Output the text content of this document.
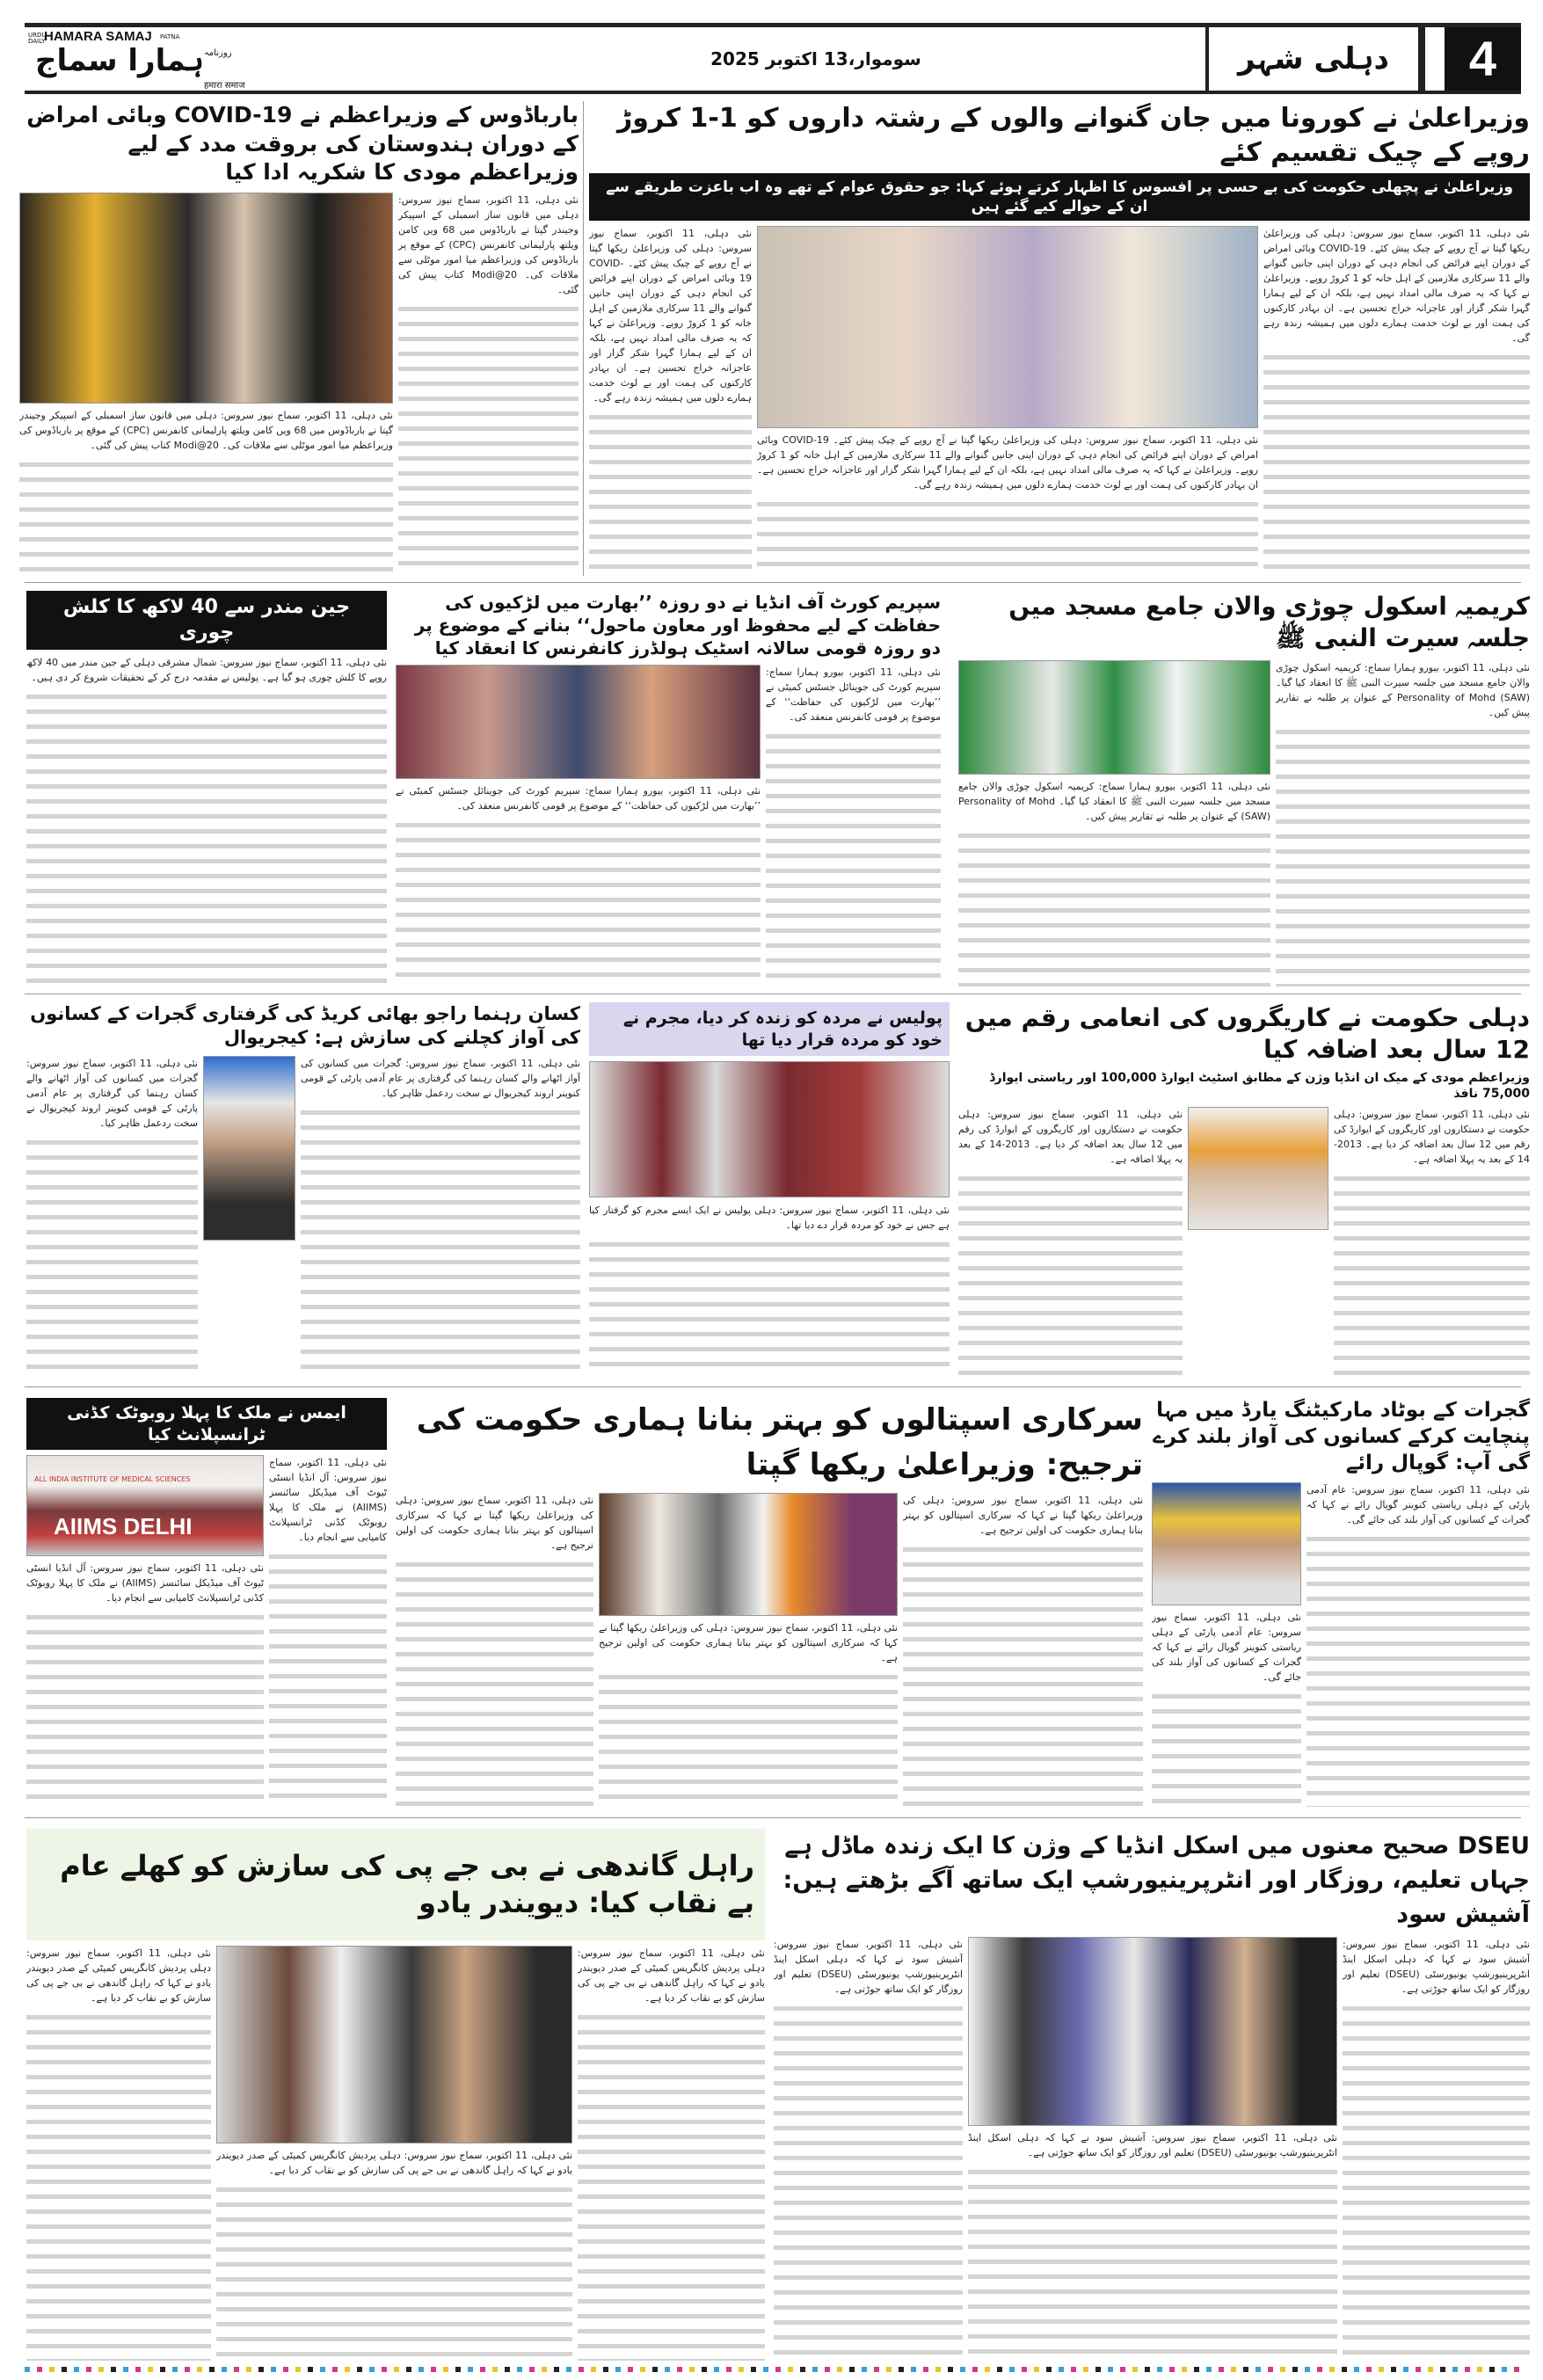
URDU DAILY
HAMARA SAMAJ PATNA
ہمارا سماج روزنامہ
हमारा समाज
سوموار،13 اکتوبر 2025	دہلی شہر	4
وزیراعلیٰ نے کورونا میں جان گنوانے والوں کے رشتہ داروں کو 1-1 کروڑ روپے کے چیک تقسیم کئے
وزیراعلیٰ نے پچھلی حکومت کی بے حسی پر افسوس کا اظہار کرتے ہوئے کہا: جو حقوق عوام کے تھے وہ اب باعزت طریقے سے ان کے حوالے کیے گئے ہیں
نئی دہلی، 11 اکتوبر، سماج نیوز سروس: دہلی کی وزیراعلیٰ ریکھا گپتا نے آج روپے کے چیک پیش کئے۔ COVID-19 وبائی امراض کے دوران اپنے فرائض کی انجام دہی کے دوران اپنی جانیں گنوانے والے 11 سرکاری ملازمین کے اہل خانہ کو 1 کروڑ روپے۔ وزیراعلیٰ نے کہا کہ یہ صرف مالی امداد نہیں ہے، بلکہ ان کے لیے ہمارا گہرا شکر گزار اور عاجزانہ خراج تحسین ہے۔ ان بہادر کارکنوں کی ہمت اور بے لوث خدمت ہمارے دلوں میں ہمیشہ زندہ رہے گی۔
نئی دہلی، 11 اکتوبر، سماج نیوز سروس: دہلی کی وزیراعلیٰ ریکھا گپتا نے آج روپے کے چیک پیش کئے۔ COVID-19 وبائی امراض کے دوران اپنے فرائض کی انجام دہی کے دوران اپنی جانیں گنوانے والے 11 سرکاری ملازمین کے اہل خانہ کو 1 کروڑ روپے۔ وزیراعلیٰ نے کہا کہ یہ صرف مالی امداد نہیں ہے، بلکہ ان کے لیے ہمارا گہرا شکر گزار اور عاجزانہ خراج تحسین ہے۔ ان بہادر کارکنوں کی ہمت اور بے لوث خدمت ہمارے دلوں میں ہمیشہ زندہ رہے گی۔
نئی دہلی، 11 اکتوبر، سماج نیوز سروس: دہلی کی وزیراعلیٰ ریکھا گپتا نے آج روپے کے چیک پیش کئے۔ COVID-19 وبائی امراض کے دوران اپنے فرائض کی انجام دہی کے دوران اپنی جانیں گنوانے والے 11 سرکاری ملازمین کے اہل خانہ کو 1 کروڑ روپے۔ وزیراعلیٰ نے کہا کہ یہ صرف مالی امداد نہیں ہے، بلکہ ان کے لیے ہمارا گہرا شکر گزار اور عاجزانہ خراج تحسین ہے۔ ان بہادر کارکنوں کی ہمت اور بے لوث خدمت ہمارے دلوں میں ہمیشہ زندہ رہے گی۔
بارباڈوس کے وزیراعظم نے COVID-19 وبائی امراض کے دوران ہندوستان کی بروقت مدد کے لیے وزیراعظم مودی کا شکریہ ادا کیا
نئی دہلی، 11 اکتوبر، سماج نیوز سروس: دہلی میں قانون ساز اسمبلی کے اسپیکر وجیندر گپتا نے بارباڈوس میں 68 ویں کامن ویلتھ پارلیمانی کانفرنس (CPC) کے موقع پر بارباڈوس کی وزیراعظم میا امور موٹلی سے ملاقات کی۔ Modi@20 کتاب پیش کی گئی۔
نئی دہلی، 11 اکتوبر، سماج نیوز سروس: دہلی میں قانون ساز اسمبلی کے اسپیکر وجیندر گپتا نے بارباڈوس میں 68 ویں کامن ویلتھ پارلیمانی کانفرنس (CPC) کے موقع پر بارباڈوس کی وزیراعظم میا امور موٹلی سے ملاقات کی۔ Modi@20 کتاب پیش کی گئی۔
جین مندر سے 40 لاکھ کا کلش چوری
نئی دہلی، 11 اکتوبر، سماج نیوز سروس: شمال مشرقی دہلی کے جین مندر میں 40 لاکھ روپے کا کلش چوری ہو گیا ہے۔ پولیس نے مقدمہ درج کر کے تحقیقات شروع کر دی ہیں۔
سپریم کورٹ آف انڈیا نے دو روزہ ’’بھارت میں لڑکیوں کی حفاظت کے لیے محفوظ اور معاون ماحول‘‘ بنانے کے موضوع پر دو روزہ قومی سالانہ اسٹیک ہولڈرز کانفرنس کا انعقاد کیا
نئی دہلی، 11 اکتوبر، بیورو ہمارا سماج: سپریم کورٹ کی جوینائل جسٹس کمیٹی نے ’’بھارت میں لڑکیوں کی حفاظت‘‘ کے موضوع پر قومی کانفرنس منعقد کی۔
نئی دہلی، 11 اکتوبر، بیورو ہمارا سماج: سپریم کورٹ کی جوینائل جسٹس کمیٹی نے ’’بھارت میں لڑکیوں کی حفاظت‘‘ کے موضوع پر قومی کانفرنس منعقد کی۔
کریمیہ اسکول چوڑی والان جامع مسجد میں جلسہ سیرت النبی ﷺ
نئی دہلی، 11 اکتوبر، بیورو ہمارا سماج: کریمیہ اسکول چوڑی والان جامع مسجد میں جلسہ سیرت النبی ﷺ کا انعقاد کیا گیا۔ Personality of Mohd (SAW) کے عنوان پر طلبہ نے تقاریر پیش کیں۔
نئی دہلی، 11 اکتوبر، بیورو ہمارا سماج: کریمیہ اسکول چوڑی والان جامع مسجد میں جلسہ سیرت النبی ﷺ کا انعقاد کیا گیا۔ Personality of Mohd (SAW) کے عنوان پر طلبہ نے تقاریر پیش کیں۔
کسان رہنما راجو بھائی کریڈ کی گرفتاری گجرات کے کسانوں کی آواز کچلنے کی سازش ہے: کیجریوال
نئی دہلی، 11 اکتوبر، سماج نیوز سروس: گجرات میں کسانوں کی آواز اٹھانے والے کسان رہنما کی گرفتاری پر عام آدمی پارٹی کے قومی کنوینر اروند کیجریوال نے سخت ردعمل ظاہر کیا۔
نئی دہلی، 11 اکتوبر، سماج نیوز سروس: گجرات میں کسانوں کی آواز اٹھانے والے کسان رہنما کی گرفتاری پر عام آدمی پارٹی کے قومی کنوینر اروند کیجریوال نے سخت ردعمل ظاہر کیا۔
پولیس نے مردہ کو زندہ کر دیا، مجرم نے خود کو مردہ قرار دیا تھا
نئی دہلی، 11 اکتوبر، سماج نیوز سروس: دہلی پولیس نے ایک ایسے مجرم کو گرفتار کیا ہے جس نے خود کو مردہ قرار دے دیا تھا۔
دہلی حکومت نے کاریگروں کی انعامی رقم میں 12 سال بعد اضافہ کیا
وزیراعظم مودی کے میک ان انڈیا وژن کے مطابق اسٹیٹ ایوارڈ 100,000 اور ریاستی ایوارڈ 75,000 نافذ
نئی دہلی، 11 اکتوبر، سماج نیوز سروس: دہلی حکومت نے دستکاروں اور کاریگروں کے ایوارڈ کی رقم میں 12 سال بعد اضافہ کر دیا ہے۔ 2013-14 کے بعد یہ پہلا اضافہ ہے۔
نئی دہلی، 11 اکتوبر، سماج نیوز سروس: دہلی حکومت نے دستکاروں اور کاریگروں کے ایوارڈ کی رقم میں 12 سال بعد اضافہ کر دیا ہے۔ 2013-14 کے بعد یہ پہلا اضافہ ہے۔
ایمس نے ملک کا پہلا روبوٹک کڈنی ٹرانسپلانٹ کیا
ALL INDIA INSTITUTE OF MEDICAL SCIENCES
AIIMS DELHI
نئی دہلی، 11 اکتوبر، سماج نیوز سروس: آل انڈیا انسٹی ٹیوٹ آف میڈیکل سائنسز (AIIMS) نے ملک کا پہلا روبوٹک کڈنی ٹرانسپلانٹ کامیابی سے انجام دیا۔
نئی دہلی، 11 اکتوبر، سماج نیوز سروس: آل انڈیا انسٹی ٹیوٹ آف میڈیکل سائنسز (AIIMS) نے ملک کا پہلا روبوٹک کڈنی ٹرانسپلانٹ کامیابی سے انجام دیا۔
سرکاری اسپتالوں کو بہتر بنانا ہماری حکومت کی ترجیح: وزیراعلیٰ ریکھا گپتا
نئی دہلی، 11 اکتوبر، سماج نیوز سروس: دہلی کی وزیراعلیٰ ریکھا گپتا نے کہا کہ سرکاری اسپتالوں کو بہتر بنانا ہماری حکومت کی اولین ترجیح ہے۔
نئی دہلی، 11 اکتوبر، سماج نیوز سروس: دہلی کی وزیراعلیٰ ریکھا گپتا نے کہا کہ سرکاری اسپتالوں کو بہتر بنانا ہماری حکومت کی اولین ترجیح ہے۔
نئی دہلی، 11 اکتوبر، سماج نیوز سروس: دہلی کی وزیراعلیٰ ریکھا گپتا نے کہا کہ سرکاری اسپتالوں کو بہتر بنانا ہماری حکومت کی اولین ترجیح ہے۔
گجرات کے بوٹاد مارکیٹنگ یارڈ میں مہا پنچایت کرکے کسانوں کی آواز بلند کرے گی آپ: گوپال رائے
نئی دہلی، 11 اکتوبر، سماج نیوز سروس: عام آدمی پارٹی کے دہلی ریاستی کنوینر گوپال رائے نے کہا کہ گجرات کے کسانوں کی آواز بلند کی جائے گی۔
نئی دہلی، 11 اکتوبر، سماج نیوز سروس: عام آدمی پارٹی کے دہلی ریاستی کنوینر گوپال رائے نے کہا کہ گجرات کے کسانوں کی آواز بلند کی جائے گی۔
راہل گاندھی نے بی جے پی کی سازش کو کھلے عام بے نقاب کیا: دیویندر یادو
نئی دہلی، 11 اکتوبر، سماج نیوز سروس: دہلی پردیش کانگریس کمیٹی کے صدر دیویندر یادو نے کہا کہ راہل گاندھی نے بی جے پی کی سازش کو بے نقاب کر دیا ہے۔
نئی دہلی، 11 اکتوبر، سماج نیوز سروس: دہلی پردیش کانگریس کمیٹی کے صدر دیویندر یادو نے کہا کہ راہل گاندھی نے بی جے پی کی سازش کو بے نقاب کر دیا ہے۔
نئی دہلی، 11 اکتوبر، سماج نیوز سروس: دہلی پردیش کانگریس کمیٹی کے صدر دیویندر یادو نے کہا کہ راہل گاندھی نے بی جے پی کی سازش کو بے نقاب کر دیا ہے۔
DSEU صحیح معنوں میں اسکل انڈیا کے وژن کا ایک زندہ ماڈل ہے جہاں تعلیم، روزگار اور انٹرپرینیورشپ ایک ساتھ آگے بڑھتے ہیں: آشیش سود
نئی دہلی، 11 اکتوبر، سماج نیوز سروس: آشیش سود نے کہا کہ دہلی اسکل اینڈ انٹرپرینیورشپ یونیورسٹی (DSEU) تعلیم اور روزگار کو ایک ساتھ جوڑتی ہے۔
نئی دہلی، 11 اکتوبر، سماج نیوز سروس: آشیش سود نے کہا کہ دہلی اسکل اینڈ انٹرپرینیورشپ یونیورسٹی (DSEU) تعلیم اور روزگار کو ایک ساتھ جوڑتی ہے۔
نئی دہلی، 11 اکتوبر، سماج نیوز سروس: آشیش سود نے کہا کہ دہلی اسکل اینڈ انٹرپرینیورشپ یونیورسٹی (DSEU) تعلیم اور روزگار کو ایک ساتھ جوڑتی ہے۔
